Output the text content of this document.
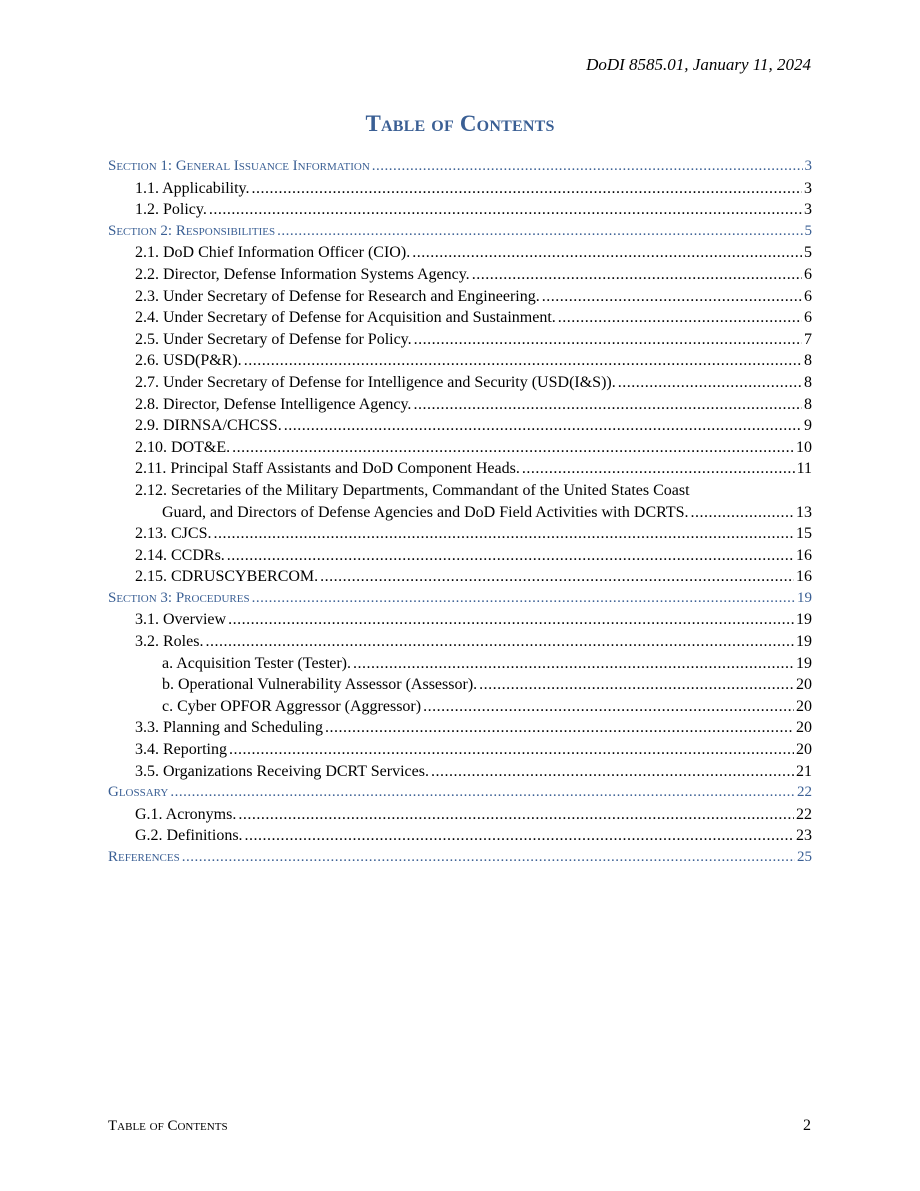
DoDI 8585.01, January 11, 2024
Table of Contents
Section 1: General Issuance Information .....	3
1.1. Applicability. .....	3
1.2. Policy. .....	3
Section 2: Responsibilities .....	5
2.1. DoD Chief Information Officer (CIO). .....	5
2.2. Director, Defense Information Systems Agency. .....	6
2.3. Under Secretary of Defense for Research and Engineering. .....	6
2.4. Under Secretary of Defense for Acquisition and Sustainment. .....	6
2.5. Under Secretary of Defense for Policy. .....	7
2.6. USD(P&R). .....	8
2.7. Under Secretary of Defense for Intelligence and Security (USD(I&S)). .....	8
2.8. Director, Defense Intelligence Agency. .....	8
2.9. DIRNSA/CHCSS. .....	9
2.10. DOT&E. .....	10
2.11. Principal Staff Assistants and DoD Component Heads. .....	11
2.12. Secretaries of the Military Departments, Commandant of the United States Coast
Guard, and Directors of Defense Agencies and DoD Field Activities with DCRTS. .....	13
2.13. CJCS. .....	15
2.14. CCDRs. .....	16
2.15. CDRUSCYBERCOM. .....	16
Section 3: Procedures .....	19
3.1. Overview .....	19
3.2. Roles. .....	19
a. Acquisition Tester (Tester). .....	19
b. Operational Vulnerability Assessor (Assessor). .....	20
c. Cyber OPFOR Aggressor (Aggressor) .....	20
3.3. Planning and Scheduling .....	20
3.4. Reporting .....	20
3.5. Organizations Receiving DCRT Services. .....	21
Glossary .....	22
G.1. Acronyms. .....	22
G.2. Definitions. .....	23
References .....	25
Table of Contents	2
